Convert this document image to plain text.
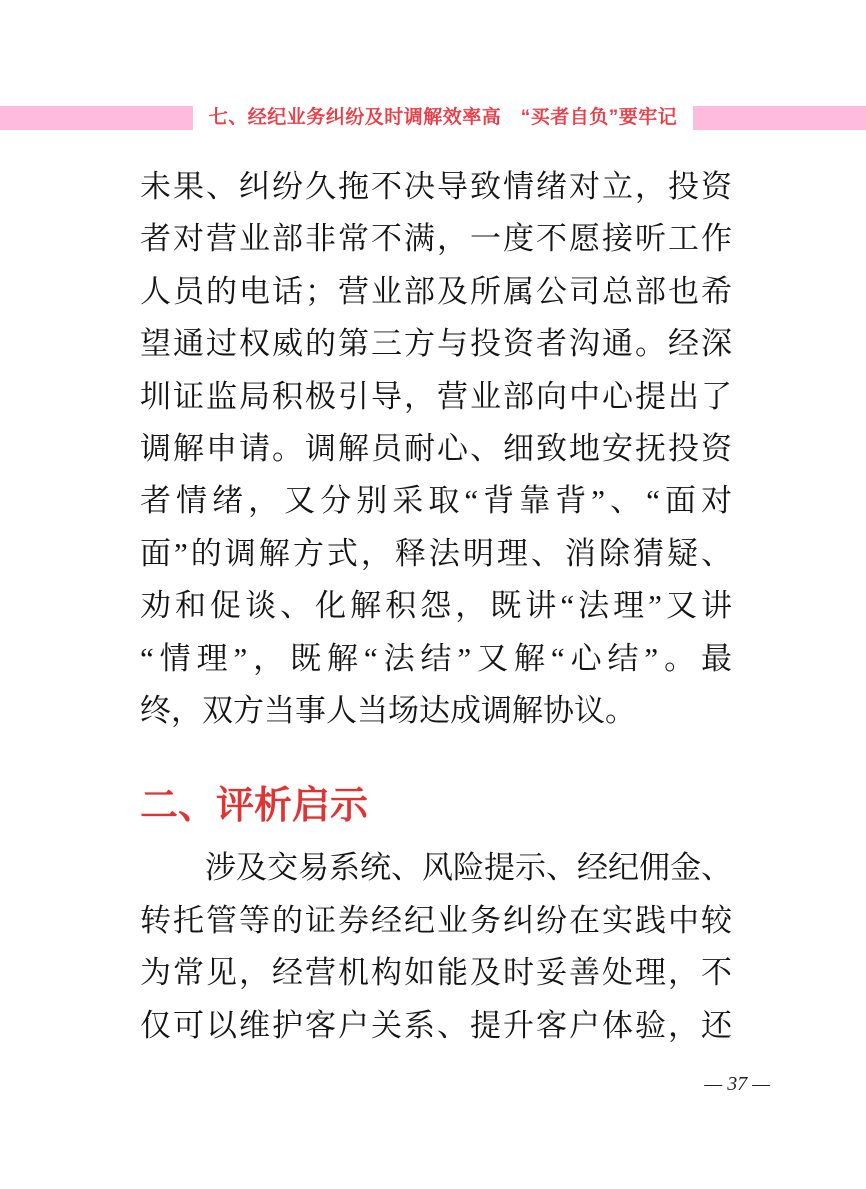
七、经纪业务纠纷及时调解效率高　“买者自负”要牢记
未果、纠纷久拖不决导致情绪对立，投资
者对营业部非常不满，一度不愿接听工作
人员的电话；营业部及所属公司总部也希
望通过权威的第三方与投资者沟通。经深
圳证监局积极引导，营业部向中心提出了
调解申请。调解员耐心、细致地安抚投资
者情绪，又分别采取“背靠背”、“面对
面”的调解方式，释法明理、消除猜疑、
劝和促谈、化解积怨，既讲“法理”又讲
“情理”，既解“法结”又解“心结”。最
终，双方当事人当场达成调解协议。
二、评析启示
涉及交易系统、风险提示、经纪佣金、
转托管等的证券经纪业务纠纷在实践中较
为常见，经营机构如能及时妥善处理，不
仅可以维护客户关系、提升客户体验，还
— 37 —
